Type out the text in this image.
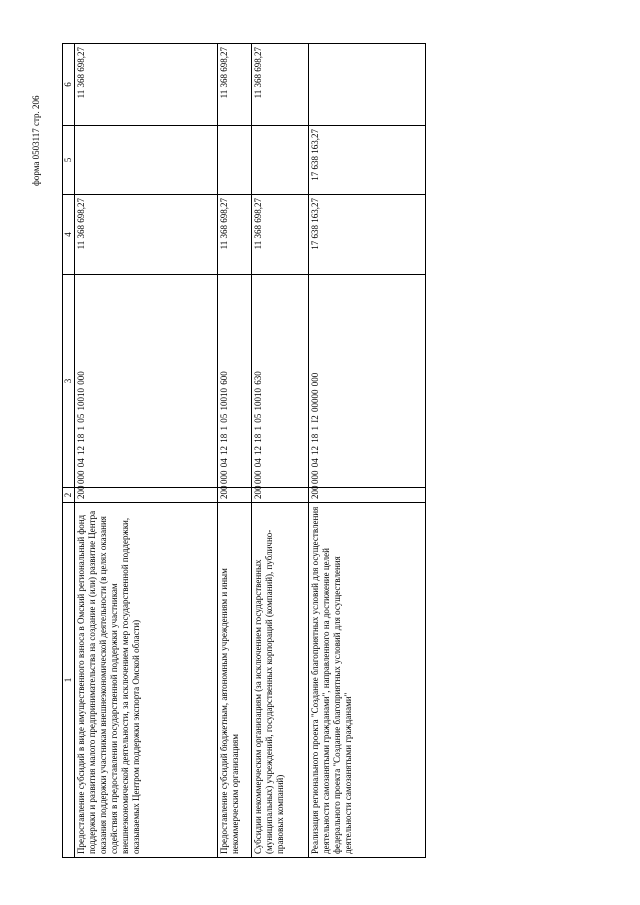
форма 0503117 стр. 206
1	2	3	4	5	6
Предоставление субсидий в виде имущественного взноса в Омский региональный фонд поддержки и развития малого предпринимательства на создание и (или) развитие Центра оказания поддержки участникам внешнеэкономической деятельности (в целях оказания содействия в предоставлении государственной поддержки участникам внешнеэкономической деятельности, за исключением мер государственной поддержки, оказываемых Центром поддержки экспорта Омской области)	200	000 04 12 18 1 05 10010 000	11 368 698,27		11 368 698,27
Предоставление субсидий бюджетным, автономным учреждениям и иным некоммерческим организациям	200	000 04 12 18 1 05 10010 600	11 368 698,27		11 368 698,27
Субсидии некоммерческим организациям (за исключением государственных (муниципальных) учреждений, государственных корпораций (компаний), публично-правовых компаний)	200	000 04 12 18 1 05 10010 630	11 368 698,27		11 368 698,27
Реализация регионального проекта "Создание благоприятных условий для осуществления деятельности самозанятыми гражданами", направленного на достижение целей федерального проекта "Создание благоприятных условий для осуществления деятельности самозанятыми гражданами"	200	000 04 12 18 1 I2 00000 000	17 638 163,27	17 638 163,27	
